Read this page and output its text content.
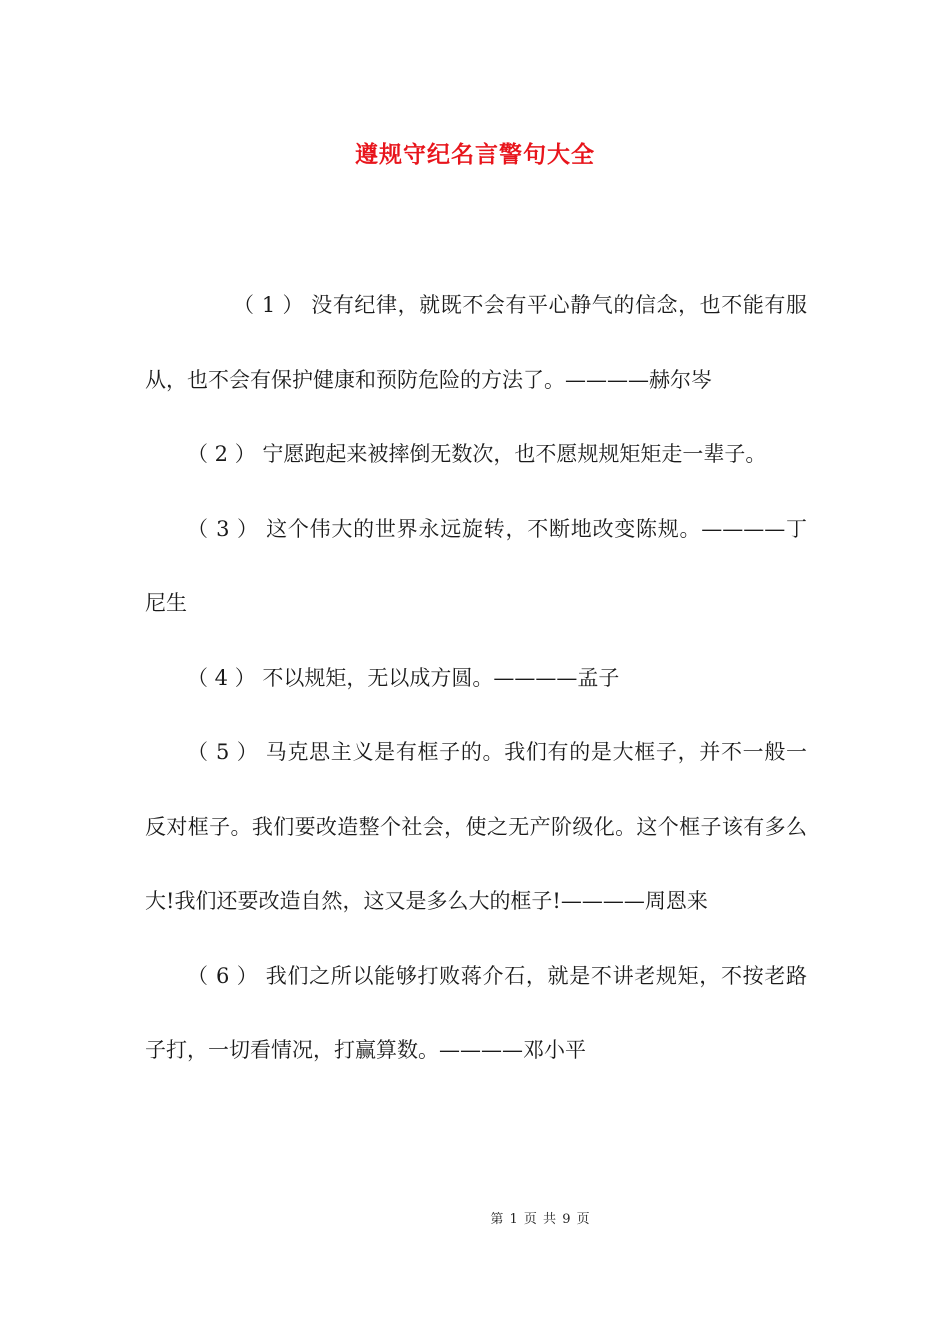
遵规守纪名言警句大全

（ 1 ） 没有纪律，就既不会有平心静气的信念，也不能有服从，也不会有保护健康和预防危险的方法了。————赫尔岑

（ 2 ） 宁愿跑起来被摔倒无数次，也不愿规规矩矩走一辈子。

（ 3 ） 这个伟大的世界永远旋转，不断地改变陈规。————丁尼生

（ 4 ） 不以规矩，无以成方圆。————孟子

（ 5 ） 马克思主义是有框子的。我们有的是大框子，并不一般一反对框子。我们要改造整个社会，使之无产阶级化。这个框子该有多么大!我们还要改造自然，这又是多么大的框子!————周恩来

（ 6 ） 我们之所以能够打败蒋介石，就是不讲老规矩，不按老路子打，一切看情况，打赢算数。————邓小平

第 1 页 共 9 页
